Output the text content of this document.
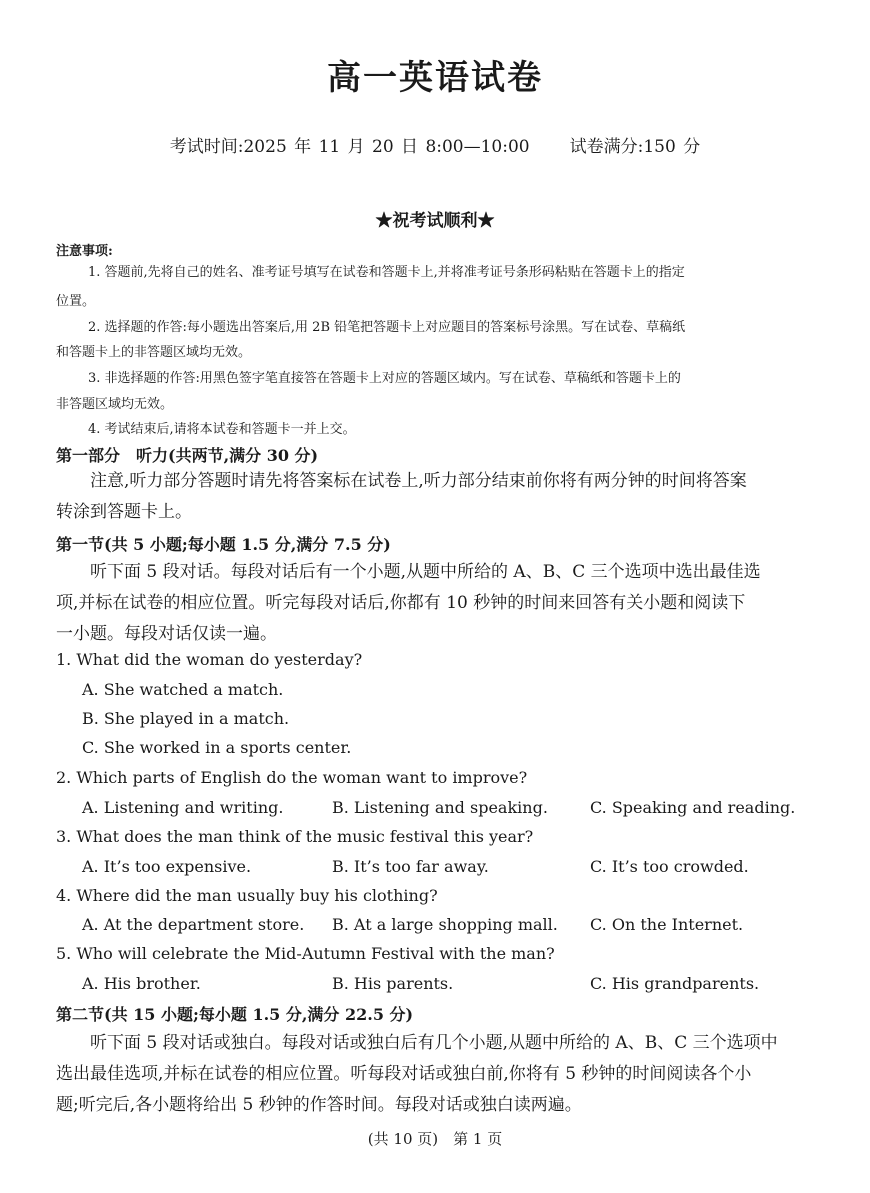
高一英语试卷
考试时间:2025 年 11 月 20 日 8:00—10:00 试卷满分:150 分
★祝考试顺利★
注意事项:
1. 答题前,先将自己的姓名、准考证号填写在试卷和答题卡上,并将准考证号条形码粘贴在答题卡上的指定
位置。
2. 选择题的作答:每小题选出答案后,用 2B 铅笔把答题卡上对应题目的答案标号涂黑。写在试卷、草稿纸
和答题卡上的非答题区域均无效。
3. 非选择题的作答:用黑色签字笔直接答在答题卡上对应的答题区域内。写在试卷、草稿纸和答题卡上的
非答题区域均无效。
4. 考试结束后,请将本试卷和答题卡一并上交。
第一部分　听力(共两节,满分 30 分)
注意,听力部分答题时请先将答案标在试卷上,听力部分结束前你将有两分钟的时间将答案
转涂到答题卡上。
第一节(共 5 小题;每小题 1.5 分,满分 7.5 分)
听下面 5 段对话。每段对话后有一个小题,从题中所给的 A、B、C 三个选项中选出最佳选
项,并标在试卷的相应位置。听完每段对话后,你都有 10 秒钟的时间来回答有关小题和阅读下
一小题。每段对话仅读一遍。
1. What did the woman do yesterday?
A. She watched a match.
B. She played in a match.
C. She worked in a sports center.
2. Which parts of English do the woman want to improve?
A. Listening and writing.	B. Listening and speaking.	C. Speaking and reading.
3. What does the man think of the music festival this year?
A. It’s too expensive.	B. It’s too far away.	C. It’s too crowded.
4. Where did the man usually buy his clothing?
A. At the department store. B. At a large shopping mall. C. On the Internet.
5. Who will celebrate the Mid-Autumn Festival with the man?
A. His brother.	B. His parents.	C. His grandparents.
第二节(共 15 小题;每小题 1.5 分,满分 22.5 分)
听下面 5 段对话或独白。每段对话或独白后有几个小题,从题中所给的 A、B、C 三个选项中
选出最佳选项,并标在试卷的相应位置。听每段对话或独白前,你将有 5 秒钟的时间阅读各个小
题;听完后,各小题将给出 5 秒钟的作答时间。每段对话或独白读两遍。
(共 10 页)　第 1 页
